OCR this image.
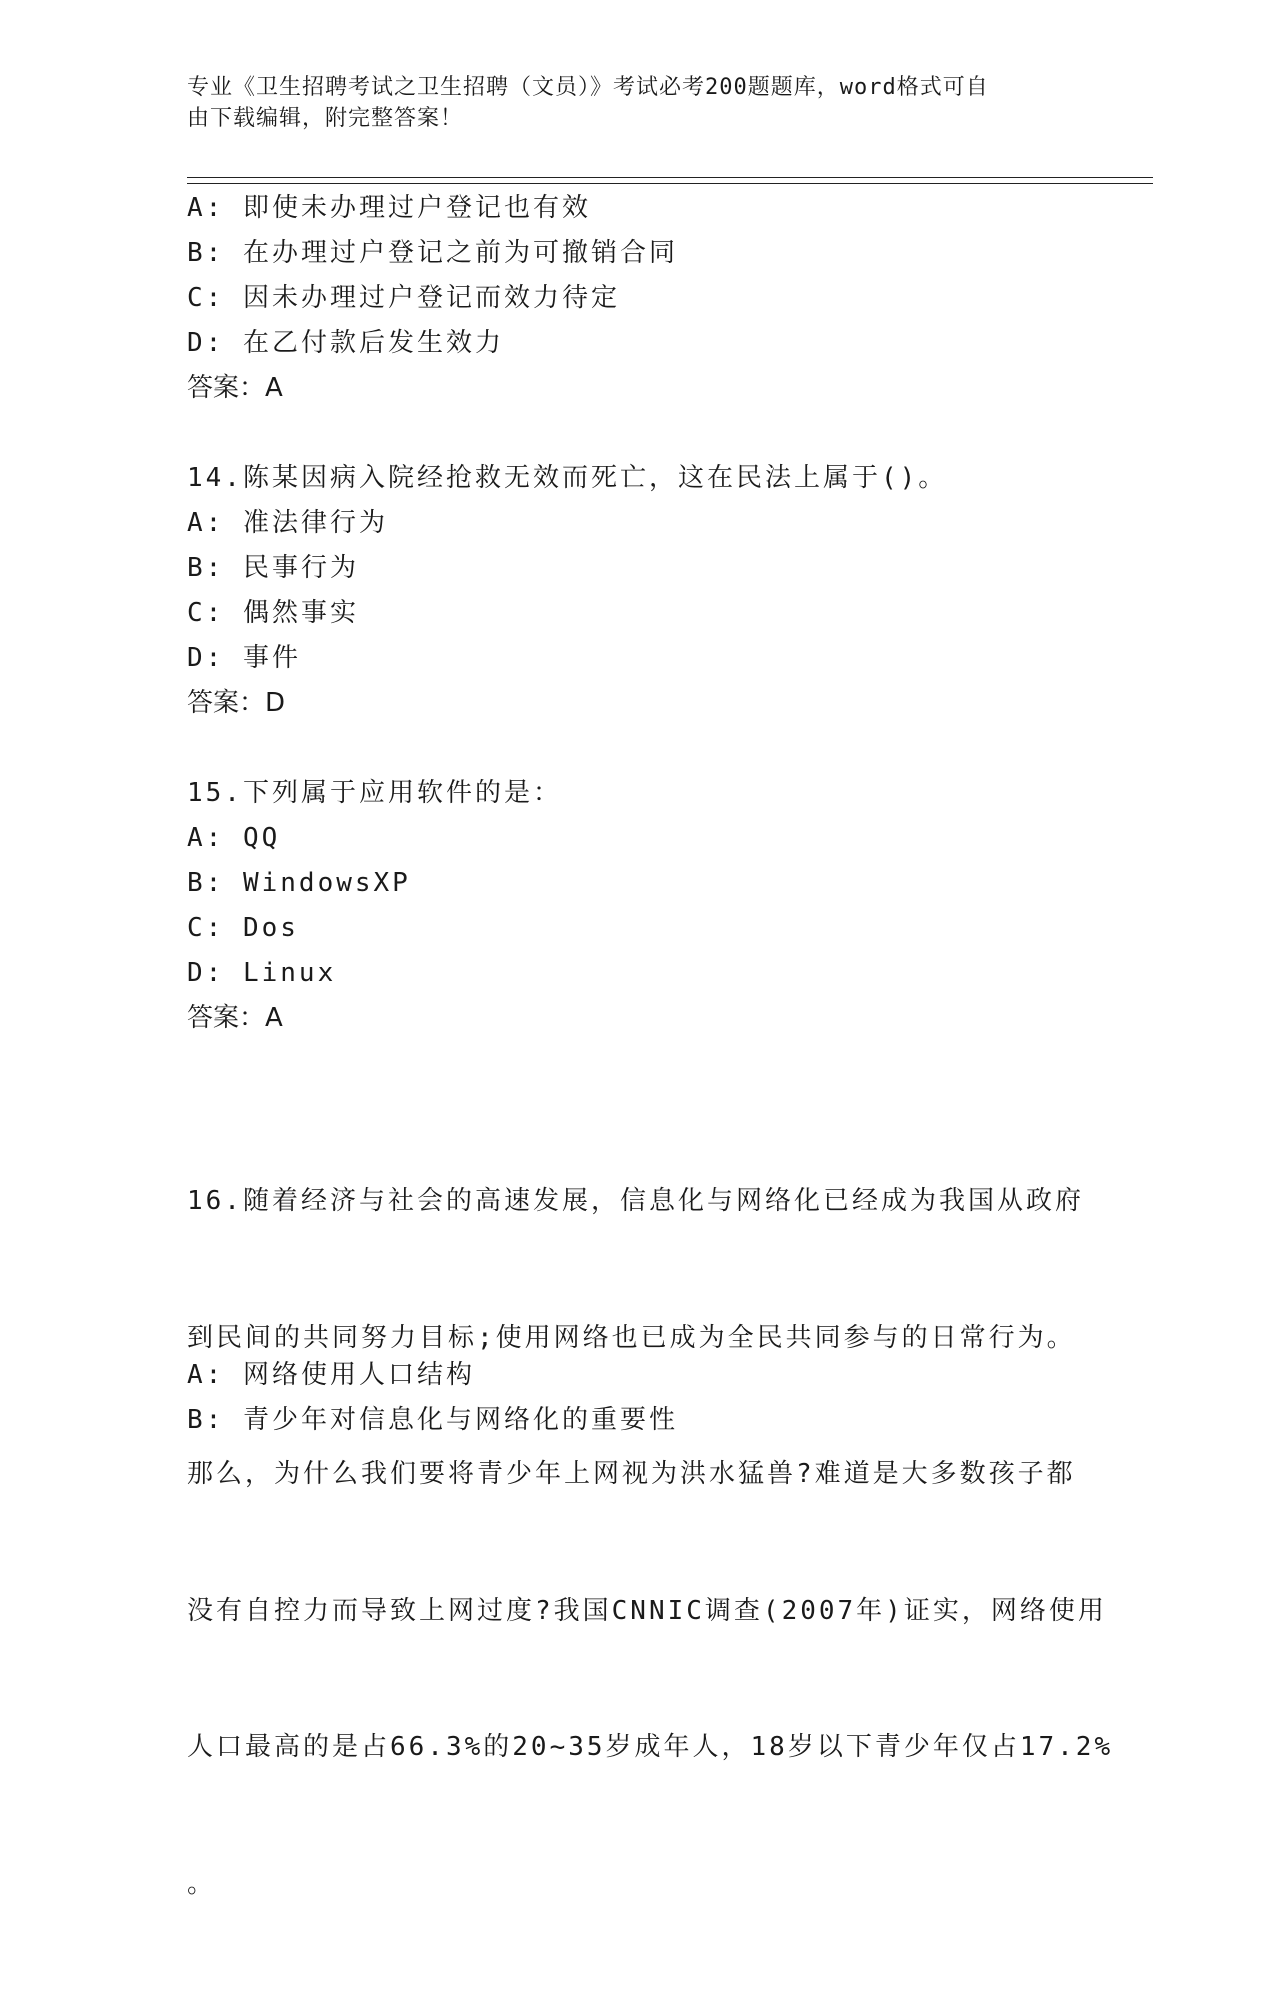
专业《卫生招聘考试之卫生招聘（文员）》考试必考200题题库，word格式可自
由下载编辑，附完整答案！
A: 即使未办理过户登记也有效
B: 在办理过户登记之前为可撤销合同
C: 因未办理过户登记而效力待定
D: 在乙付款后发生效力
答案：A
14.陈某因病入院经抢救无效而死亡，这在民法上属于()。
A: 准法律行为
B: 民事行为
C: 偶然事实
D: 事件
答案：D
15.下列属于应用软件的是：
A: QQ
B: WindowsXP
C: Dos
D: Linux
答案：A

16.随着经济与社会的高速发展，信息化与网络化已经成为我国从政府

到民间的共同努力目标;使用网络也已成为全民共同参与的日常行为。

那么，为什么我们要将青少年上网视为洪水猛兽?难道是大多数孩子都

没有自控力而导致上网过度?我国CNNIC调查(2007年)证实，网络使用

人口最高的是占66.3%的20~35岁成年人，18岁以下青少年仅占17.2%

。

A: 网络使用人口结构
B: 青少年对信息化与网络化的重要性
